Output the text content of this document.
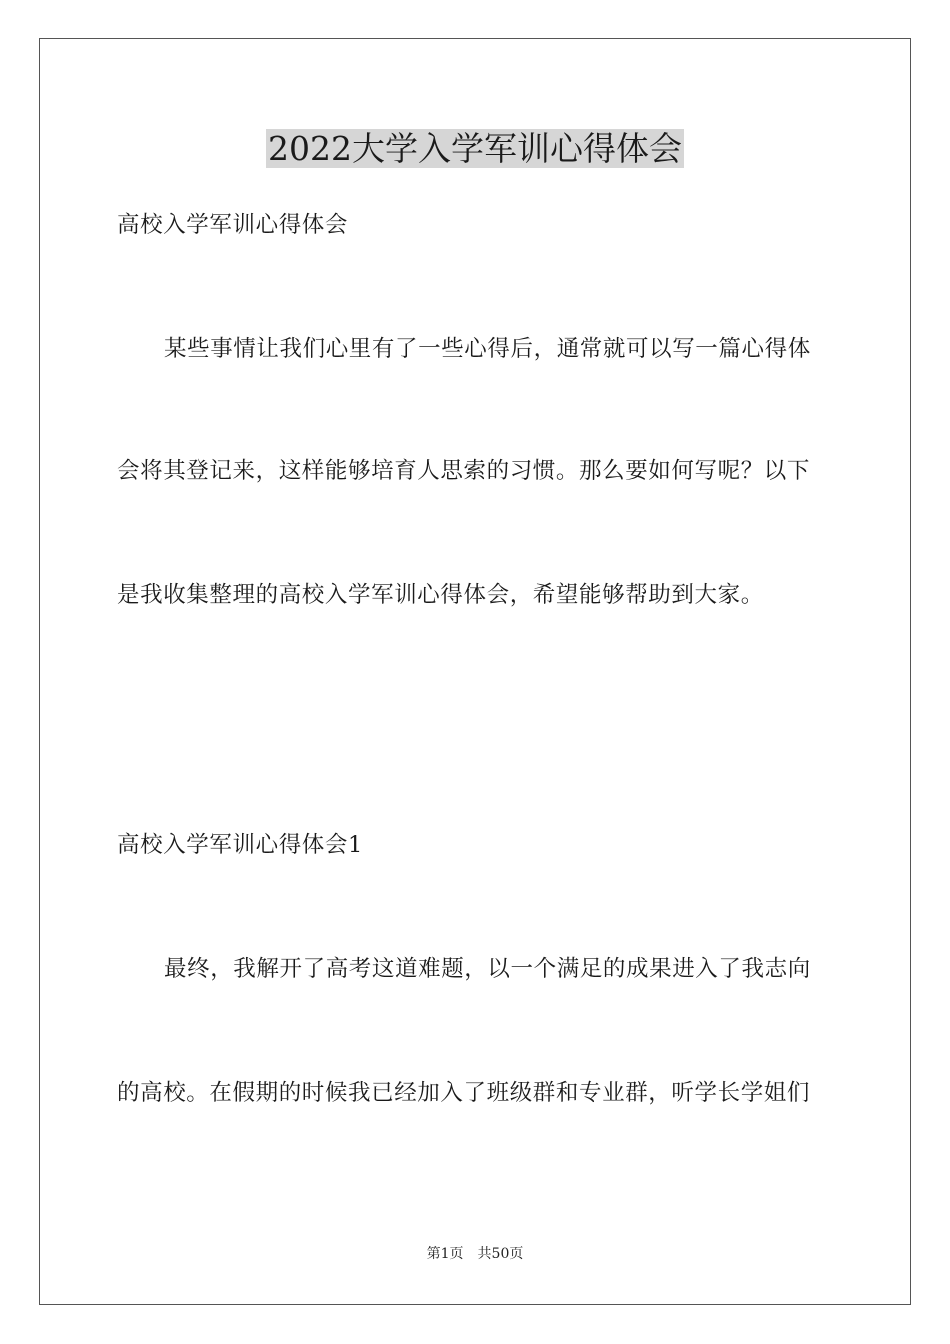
2022大学入学军训心得体会
高校入学军训心得体会
某些事情让我们心里有了一些心得后，通常就可以写一篇心得体
会将其登记来，这样能够培育人思索的习惯。那么要如何写呢？以下
是我收集整理的高校入学军训心得体会，希望能够帮助到大家。
高校入学军训心得体会1
最终，我解开了高考这道难题，以一个满足的成果进入了我志向
的高校。在假期的时候我已经加入了班级群和专业群，听学长学姐们
第1页 共50页
